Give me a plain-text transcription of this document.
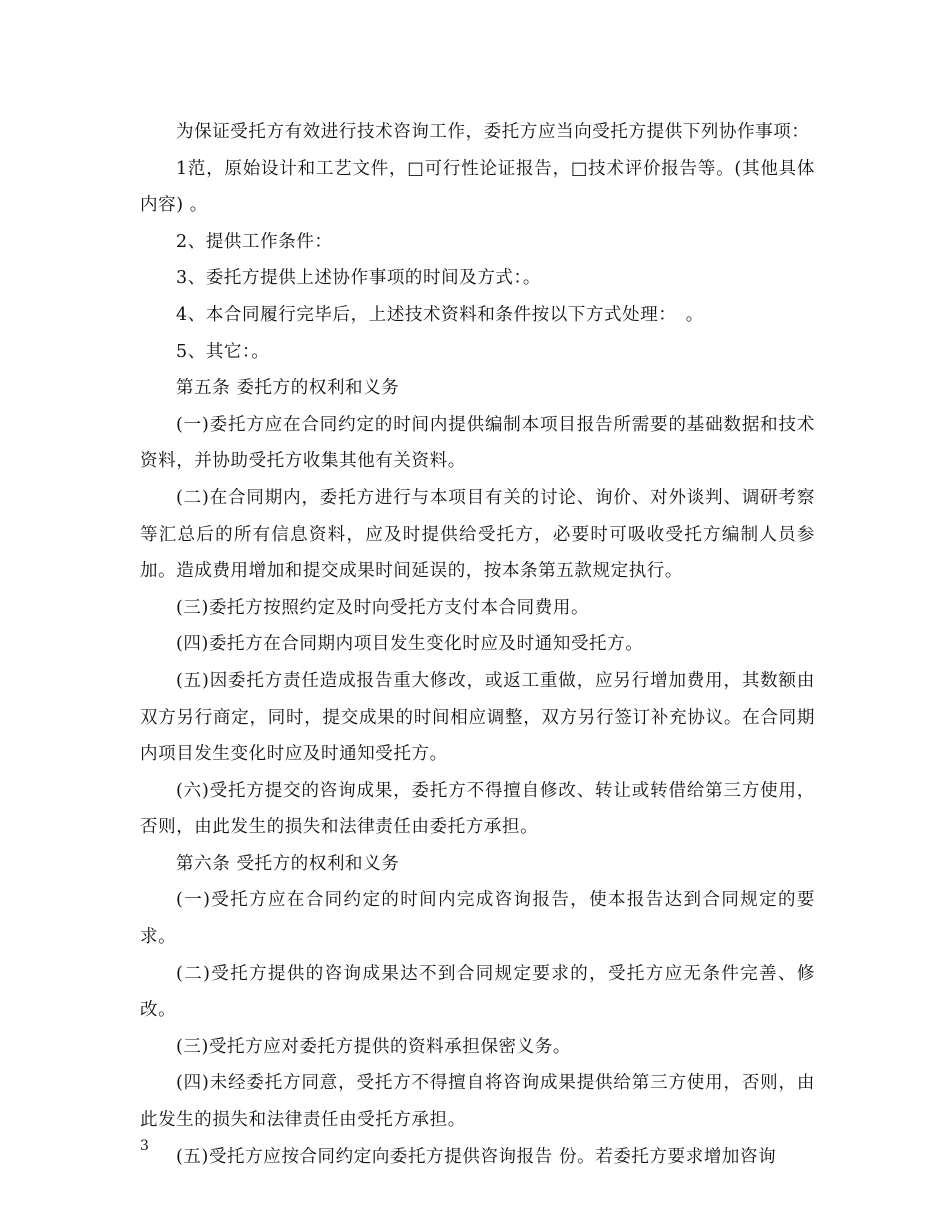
为保证受托方有效进行技术咨询工作，委托方应当向受托方提供下列协作事项：

1范，原始设计和工艺文件，□可行性论证报告，□技术评价报告等。(其他具体内容) 。

2、提供工作条件：

3、委托方提供上述协作事项的时间及方式：。

4、本合同履行完毕后，上述技术资料和条件按以下方式处理：　。

5、其它：。

第五条 委托方的权利和义务

(一)委托方应在合同约定的时间内提供编制本项目报告所需要的基础数据和技术资料，并协助受托方收集其他有关资料。

(二)在合同期内，委托方进行与本项目有关的讨论、询价、对外谈判、调研考察等汇总后的所有信息资料，应及时提供给受托方，必要时可吸收受托方编制人员参加。造成费用增加和提交成果时间延误的，按本条第五款规定执行。

(三)委托方按照约定及时向受托方支付本合同费用。

(四)委托方在合同期内项目发生变化时应及时通知受托方。

(五)因委托方责任造成报告重大修改，或返工重做，应另行增加费用，其数额由双方另行商定，同时，提交成果的时间相应调整，双方另行签订补充协议。在合同期内项目发生变化时应及时通知受托方。

(六)受托方提交的咨询成果，委托方不得擅自修改、转让或转借给第三方使用，否则，由此发生的损失和法律责任由委托方承担。

第六条 受托方的权利和义务

(一)受托方应在合同约定的时间内完成咨询报告，使本报告达到合同规定的要求。

(二)受托方提供的咨询成果达不到合同规定要求的，受托方应无条件完善、修改。

(三)受托方应对委托方提供的资料承担保密义务。

(四)未经委托方同意，受托方不得擅自将咨询成果提供给第三方使用，否则，由此发生的损失和法律责任由受托方承担。

(五)受托方应按合同约定向委托方提供咨询报告 份。若委托方要求增加咨询

3
